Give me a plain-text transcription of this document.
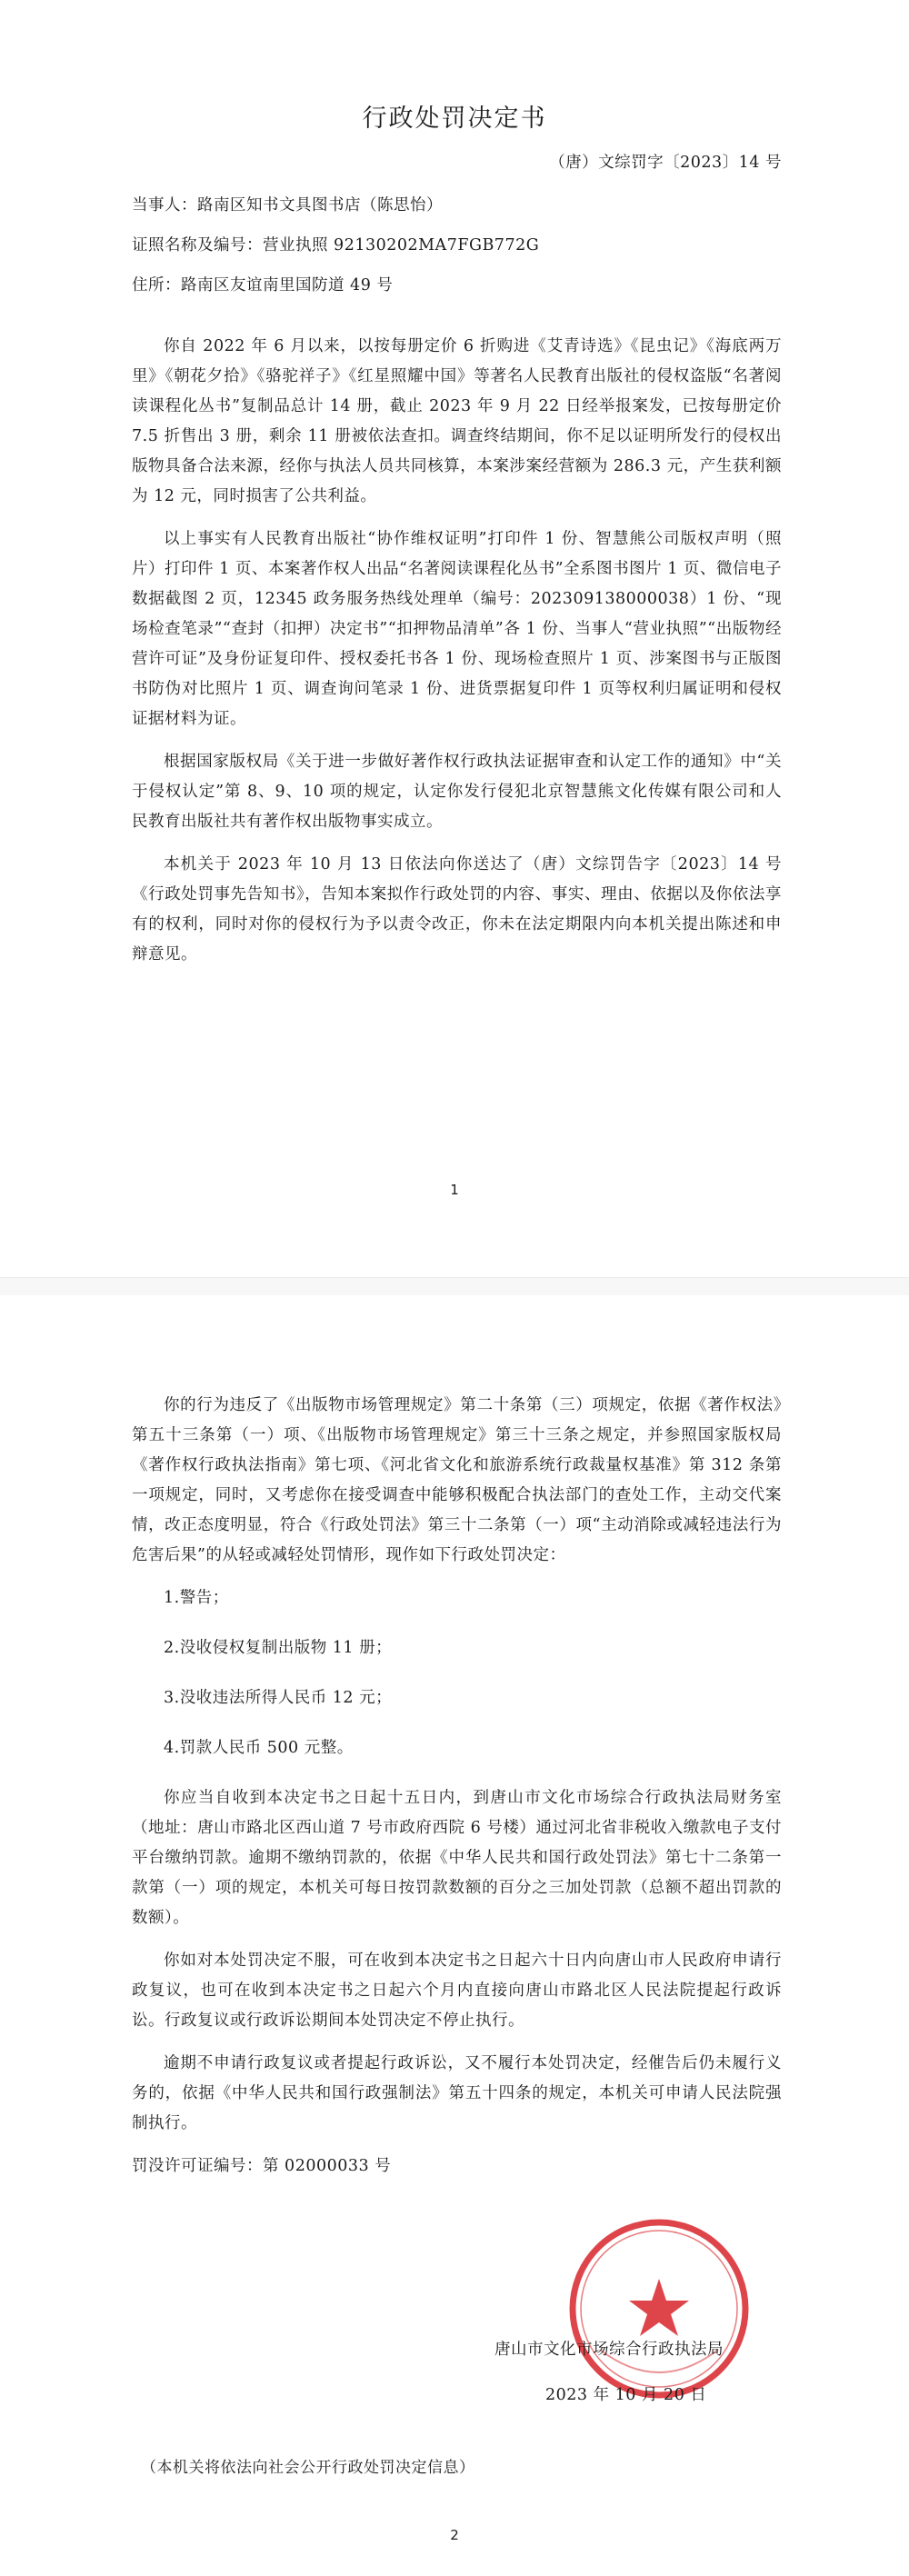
行政处罚决定书
（唐）文综罚字〔2023〕14 号

当事人：路南区知书文具图书店（陈思怡）

证照名称及编号：营业执照 92130202MA7FGB772G

住所：路南区友谊南里国防道 49 号

你自 2022 年 6 月以来，以按每册定价 6 折购进《艾青诗选》《昆虫记》《海底两万里》《朝花夕拾》《骆驼祥子》《红星照耀中国》等著名人民教育出版社的侵权盗版“名著阅读课程化丛书”复制品总计 14 册，截止 2023 年 9 月 22 日经举报案发，已按每册定价 7.5 折售出 3 册，剩余 11 册被依法查扣。调查终结期间，你不足以证明所发行的侵权出版物具备合法来源，经你与执法人员共同核算，本案涉案经营额为 286.3 元，产生获利额为 12 元，同时损害了公共利益。

以上事实有人民教育出版社“协作维权证明”打印件 1 份、智慧熊公司版权声明（照片）打印件 1 页、本案著作权人出品“名著阅读课程化丛书”全系图书图片 1 页、微信电子数据截图 2 页，12345 政务服务热线处理单（编号：202309138000038）1 份、“现场检查笔录”“查封（扣押）决定书”“扣押物品清单”各 1 份、当事人“营业执照”“出版物经营许可证”及身份证复印件、授权委托书各 1 份、现场检查照片 1 页、涉案图书与正版图书防伪对比照片 1 页、调查询问笔录 1 份、进货票据复印件 1 页等权利归属证明和侵权证据材料为证。

根据国家版权局《关于进一步做好著作权行政执法证据审查和认定工作的通知》中“关于侵权认定”第 8、9、10 项的规定，认定你发行侵犯北京智慧熊文化传媒有限公司和人民教育出版社共有著作权出版物事实成立。

本机关于 2023 年 10 月 13 日依法向你送达了（唐）文综罚告字〔2023〕14 号《行政处罚事先告知书》，告知本案拟作行政处罚的内容、事实、理由、依据以及你依法享有的权利，同时对你的侵权行为予以责令改正，你未在法定期限内向本机关提出陈述和申辩意见。

1

你的行为违反了《出版物市场管理规定》第二十条第（三）项规定，依据《著作权法》第五十三条第（一）项、《出版物市场管理规定》第三十三条之规定，并参照国家版权局《著作权行政执法指南》第七项、《河北省文化和旅游系统行政裁量权基准》第 312 条第一项规定，同时，又考虑你在接受调查中能够积极配合执法部门的查处工作，主动交代案情，改正态度明显，符合《行政处罚法》第三十二条第（一）项“主动消除或减轻违法行为危害后果”的从轻或减轻处罚情形，现作如下行政处罚决定：

1.警告；

2.没收侵权复制出版物 11 册；

3.没收违法所得人民币 12 元；

4.罚款人民币 500 元整。

你应当自收到本决定书之日起十五日内，到唐山市文化市场综合行政执法局财务室（地址：唐山市路北区西山道 7 号市政府西院 6 号楼）通过河北省非税收入缴款电子支付平台缴纳罚款。逾期不缴纳罚款的，依据《中华人民共和国行政处罚法》第七十二条第一款第（一）项的规定，本机关可每日按罚款数额的百分之三加处罚款（总额不超出罚款的数额）。

你如对本处罚决定不服，可在收到本决定书之日起六十日内向唐山市人民政府申请行政复议，也可在收到本决定书之日起六个月内直接向唐山市路北区人民法院提起行政诉讼。行政复议或行政诉讼期间本处罚决定不停止执行。

逾期不申请行政复议或者提起行政诉讼，又不履行本处罚决定，经催告后仍未履行义务的，依据《中华人民共和国行政强制法》第五十四条的规定，本机关可申请人民法院强制执行。

罚没许可证编号：第 02000033 号

唐山市文化市场综合行政执法局
2023 年 10 月 20 日
（本机关将依法向社会公开行政处罚决定信息）
2
